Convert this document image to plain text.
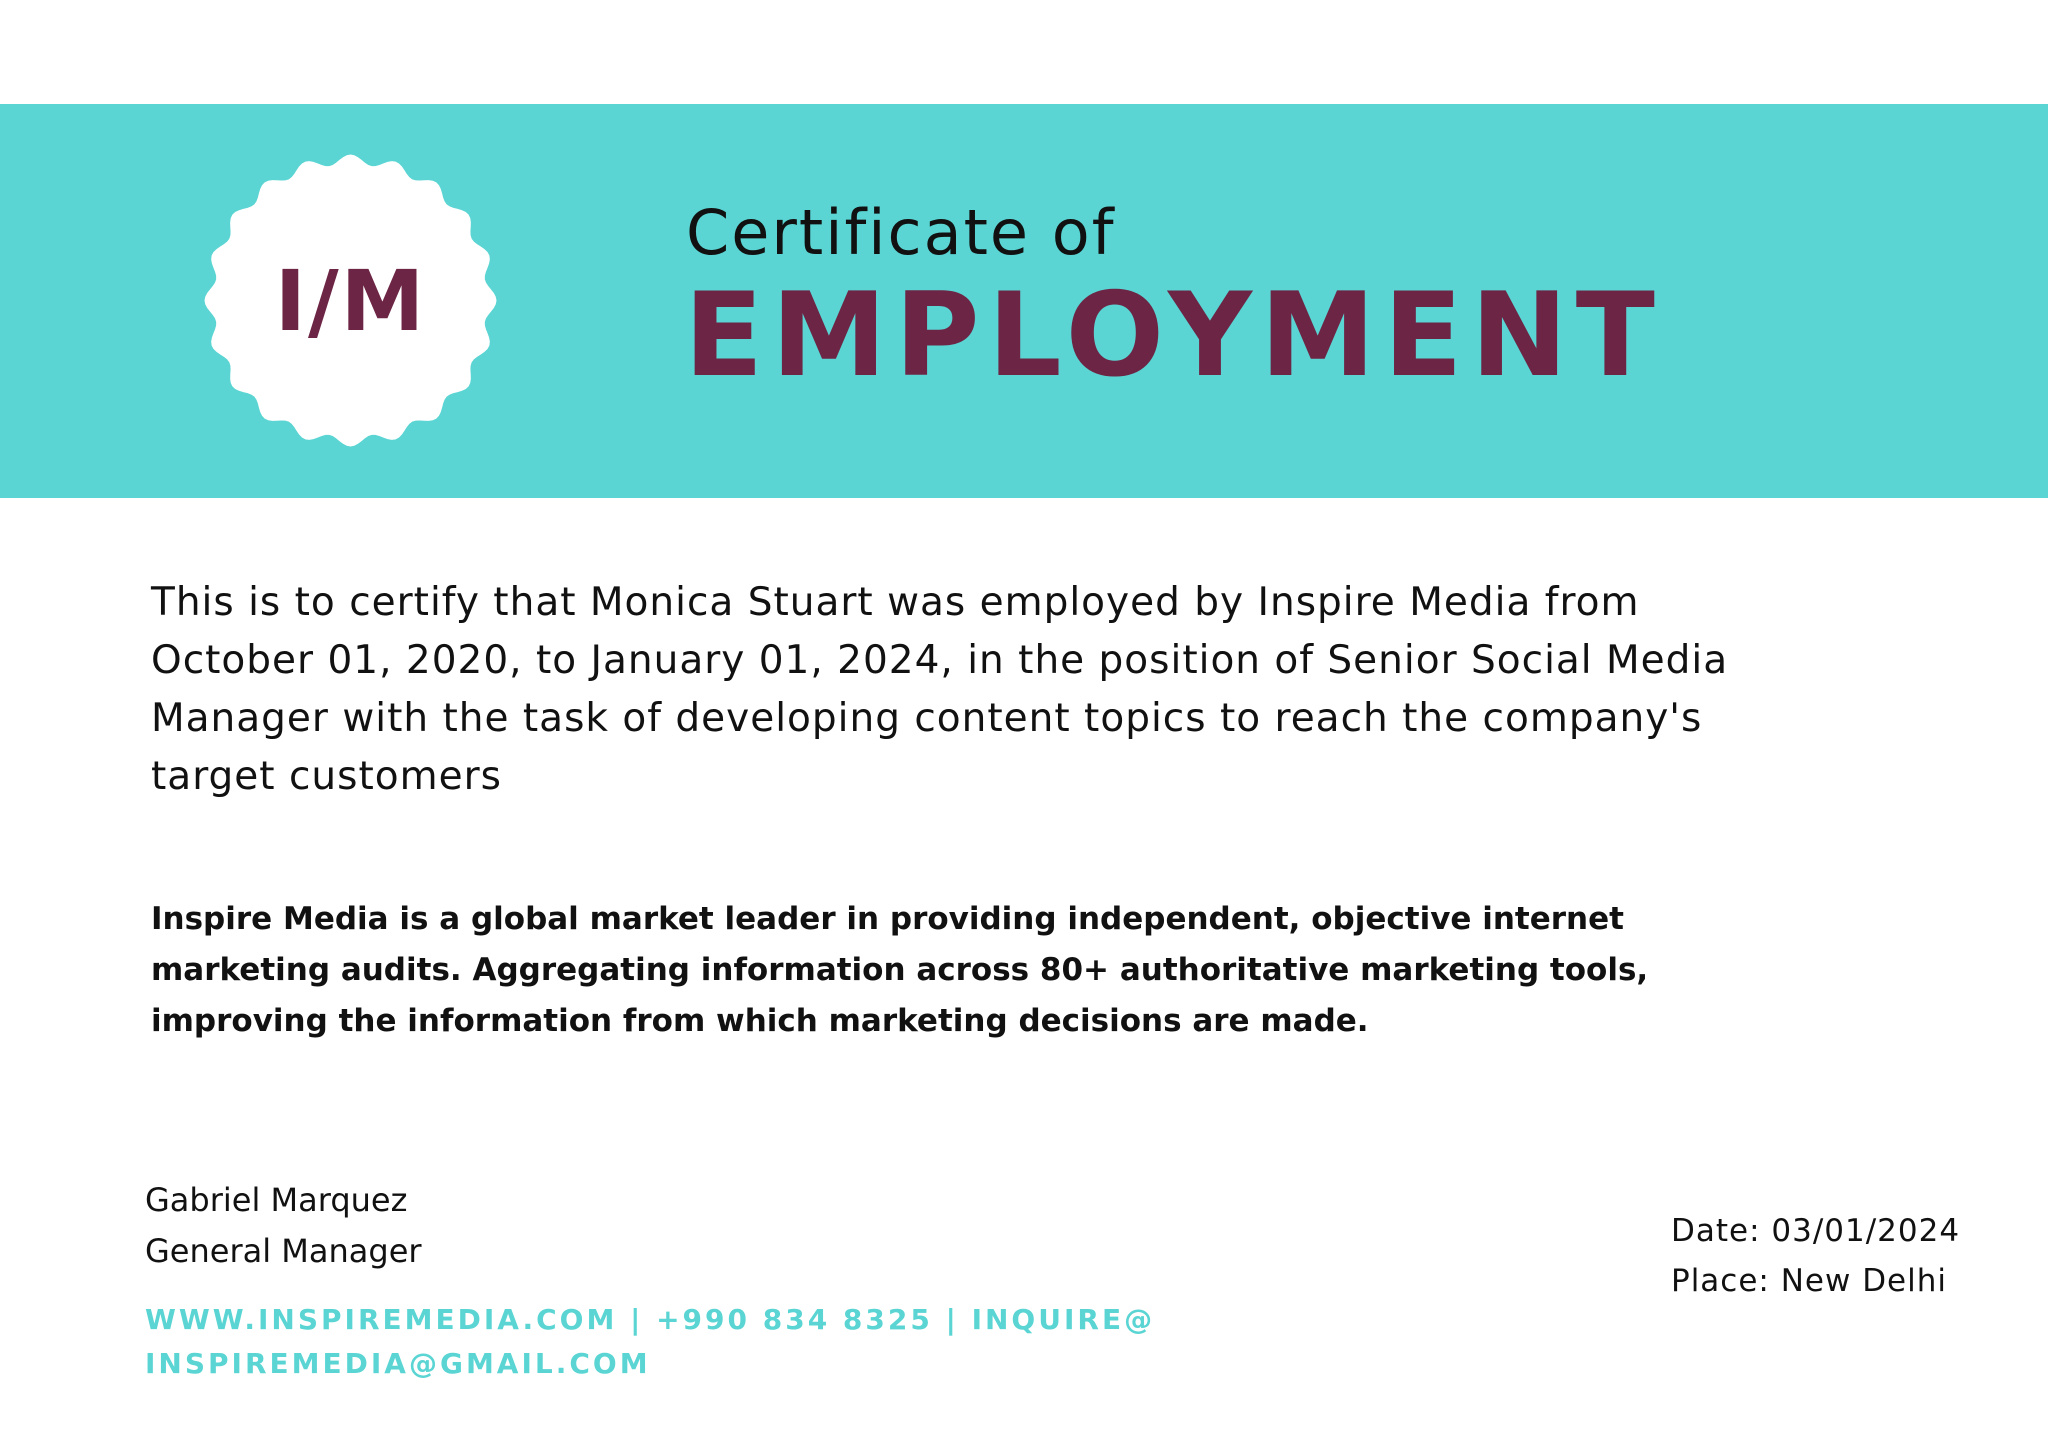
I/M
Certificate of
EMPLOYMENT
This is to certify that Monica Stuart was employed by Inspire Media from October 01, 2020, to January 01, 2024, in the position of Senior Social Media Manager with the task of developing content topics to reach the company's target customers
Inspire Media is a global market leader in providing independent, objective internet marketing audits. Aggregating information across 80+ authoritative marketing tools, improving the information from which marketing decisions are made.
Gabriel Marquez
General Manager
WWW.INSPIREMEDIA.COM | +990 834 8325 | INQUIRE@
INSPIREMEDIA@GMAIL.COM
Date: 03/01/2024
Place: New Delhi
